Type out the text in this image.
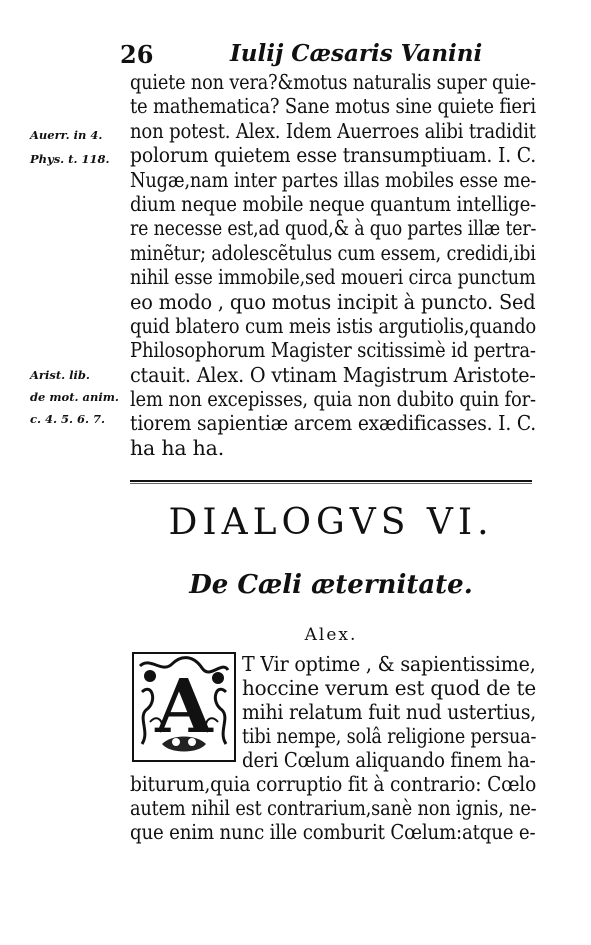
26	Iulij Cæsaris Vanini
quiete non vera?&motus naturalis super quie-
te mathematica? Sane motus sine quiete fieri
non potest. Alex. Idem Auerroes alibi tradidit
polorum quietem esse transumptiuam. I. C.
Nugæ,nam inter partes illas mobiles esse me-
dium neque mobile neque quantum intellige-
re necesse est,ad quod,& à quo partes illæ ter-
minẽtur; adolescẽtulus cum essem, credidi,ibi
nihil esse immobile,sed moueri circa punctum
eo modo , quo motus incipit à puncto. Sed
quid blatero cum meis istis argutiolis,quando
Philosophorum Magister scitissimè id pertra-
ctauit. Alex. O vtinam Magistrum Aristote-
lem non excepisses, quia non dubito quin for-
tiorem sapientiæ arcem exædificasses. I. C.
ha ha ha.
Auerr. in 4.
Phys. t. 118.
Arist. lib.
de mot. anim.
c. 4. 5. 6. 7.
DIALOGVS VI.
De Cæli æternitate.
Alex.
A T Vir optime , & sapientissime,
hoccine verum est quod de te
mihi relatum fuit nud ustertius,
tibi nempe, solâ religione persua-
deri Cœlum aliquando finem ha-
biturum,quia corruptio fit à contrario: Cœlo
autem nihil est contrarium,sanè non ignis, ne-
que enim nunc ille comburit Cœlum:atque e-
